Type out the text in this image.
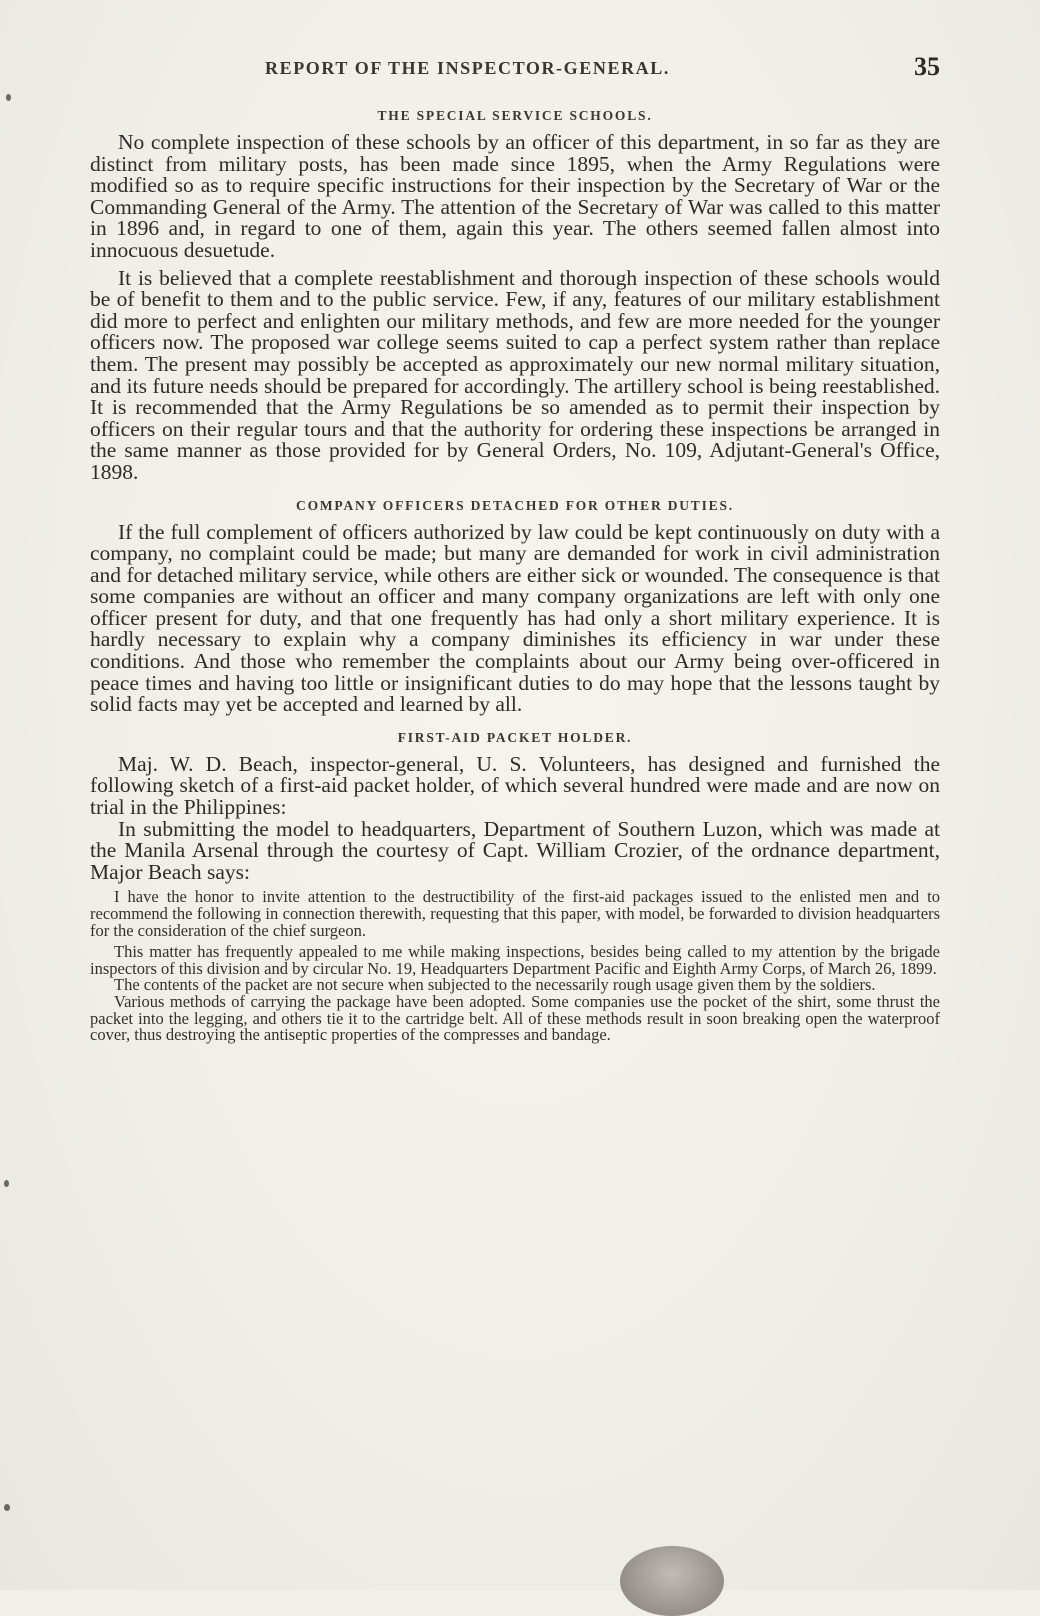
REPORT OF THE INSPECTOR-GENERAL.	35
THE SPECIAL SERVICE SCHOOLS.

No complete inspection of these schools by an officer of this department, in so far as they are distinct from military posts, has been made since 1895, when the Army Regulations were modified so as to require specific instructions for their inspection by the Secretary of War or the Commanding General of the Army. The attention of the Secretary of War was called to this matter in 1896 and, in regard to one of them, again this year. The others seemed fallen almost into innocuous desuetude.

It is believed that a complete reestablishment and thorough inspection of these schools would be of benefit to them and to the public service. Few, if any, features of our military establishment did more to perfect and enlighten our military methods, and few are more needed for the younger officers now. The proposed war college seems suited to cap a perfect system rather than replace them. The present may possibly be accepted as approximately our new normal military situation, and its future needs should be prepared for accordingly. The artillery school is being reestablished. It is recommended that the Army Regulations be so amended as to permit their inspection by officers on their regular tours and that the authority for ordering these inspections be arranged in the same manner as those provided for by General Orders, No. 109, Adjutant-General's Office, 1898.

COMPANY OFFICERS DETACHED FOR OTHER DUTIES.

If the full complement of officers authorized by law could be kept continuously on duty with a company, no complaint could be made; but many are demanded for work in civil administration and for detached military service, while others are either sick or wounded. The consequence is that some companies are without an officer and many company organizations are left with only one officer present for duty, and that one frequently has had only a short military experience. It is hardly necessary to explain why a company diminishes its efficiency in war under these conditions. And those who remember the complaints about our Army being over-officered in peace times and having too little or insignificant duties to do may hope that the lessons taught by solid facts may yet be accepted and learned by all.

FIRST-AID PACKET HOLDER.

Maj. W. D. Beach, inspector-general, U. S. Volunteers, has designed and furnished the following sketch of a first-aid packet holder, of which several hundred were made and are now on trial in the Philippines:

In submitting the model to headquarters, Department of Southern Luzon, which was made at the Manila Arsenal through the courtesy of Capt. William Crozier, of the ordnance department, Major Beach says:

I have the honor to invite attention to the destructibility of the first-aid packages issued to the enlisted men and to recommend the following in connection therewith, requesting that this paper, with model, be forwarded to division headquarters for the consideration of the chief surgeon.

This matter has frequently appealed to me while making inspections, besides being called to my attention by the brigade inspectors of this division and by circular No. 19, Headquarters Department Pacific and Eighth Army Corps, of March 26, 1899.

The contents of the packet are not secure when subjected to the necessarily rough usage given them by the soldiers.

Various methods of carrying the package have been adopted. Some companies use the pocket of the shirt, some thrust the packet into the legging, and others tie it to the cartridge belt. All of these methods result in soon breaking open the waterproof cover, thus destroying the antiseptic properties of the compresses and bandage.
